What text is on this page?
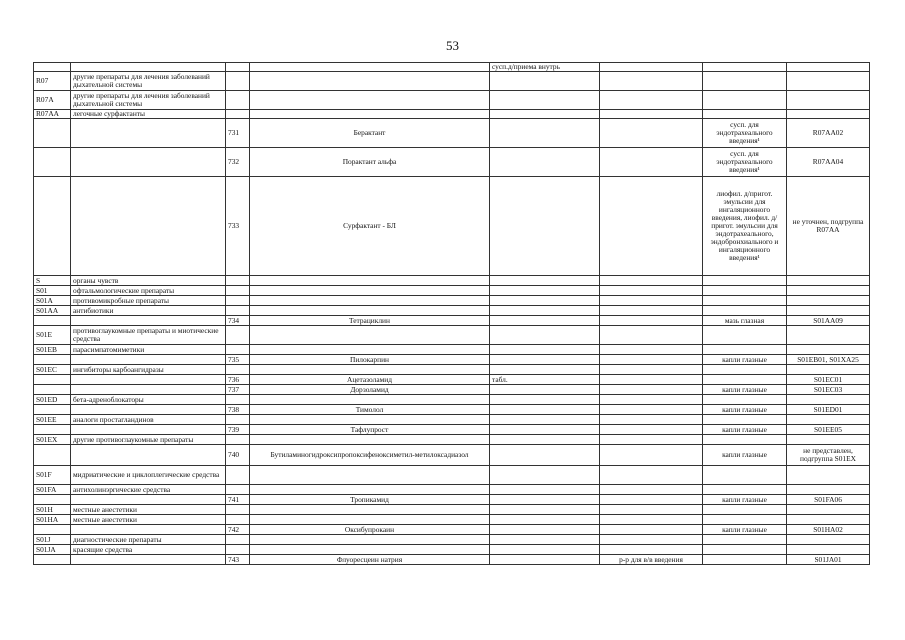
53
				сусп.д/приема внутрь			
R07	другие препараты для лечения заболеваний дыхательной системы						
R07A	другие препараты для лечения заболеваний дыхательной системы						
R07AA	легочные сурфактанты						
		731	Берактант			сусп. для эндотрахеального введения¹	R07AA02
		732	Порактант альфа			сусп. для эндотрахеального введения¹	R07AA04
		733	Сурфактант - БЛ			лиофил. д/пригот. эмульсии для ингаляционного введения, лиофил. д/пригот. эмульсии для эндотрахеального, эндобронхиального и ингаляционного введения¹	не уточнен, подгруппа R07AA
S	органы чувств						
S01	офтальмологические препараты						
S01A	противомикробные препараты						
S01AA	антибиотики						
		734	Тетрациклин			мазь глазная	S01AA09
S01E	противоглаукомные препараты и миотические средства						
S01EB	парасимпатомиметики						
		735	Пилокарпин			капли глазные	S01EB01, S01XA25
S01EC	ингибиторы карбоангидразы						
		736	Ацетазоламид	табл.			S01EC01
		737	Дорзоламид			капли глазные	S01EC03
S01ED	бета-адреноблокаторы						
		738	Тимолол			капли глазные	S01ED01
S01EE	аналоги простагландинов						
		739	Тафлупрост			капли глазные	S01EE05
S01EX	другие противоглаукомные препараты						
		740	Бутиламиногидроксипропоксифеноксиметил-метилоксадиазол			капли глазные	не представлен, подгруппа S01EX
S01F	мидриатические и циклоплегические средства						
S01FA	антихолинэргические средства						
		741	Тропикамид			капли глазные	S01FA06
S01H	местные анестетики						
S01HA	местные анестетики						
		742	Оксибупрокаин			капли глазные	S01HA02
S01J	диагностические препараты						
S01JA	красящие средства						
		743	Флуоресцеин натрия		р-р для в/в введения		S01JA01
